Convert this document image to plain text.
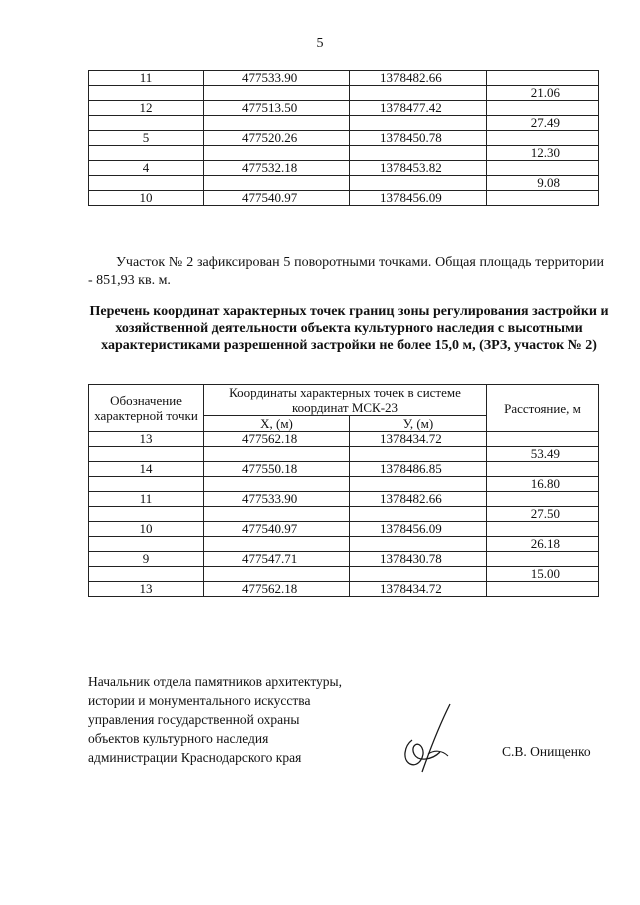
5
11	477533.90	1378482.66	
			21.06
12	477513.50	1378477.42	
			27.49
5	477520.26	1378450.78	
			12.30
4	477532.18	1378453.82	
			9.08
10	477540.97	1378456.09	
Участок № 2 зафиксирован 5 поворотными точками. Общая площадь территории - 851,93 кв. м.
Перечень координат характерных точек границ зоны регулирования застройки и хозяйственной деятельности объекта культурного наследия с высотными характеристиками разрешенной застройки не более 15,0 м, (ЗРЗ, участок № 2)
Обозначение характерной точки	Координаты характерных точек в системе координат МСК-23		Расстояние, м
	X, (м)	У, (м)	
13	477562.18	1378434.72	
			53.49
14	477550.18	1378486.85	
			16.80
11	477533.90	1378482.66	
			27.50
10	477540.97	1378456.09	
			26.18
9	477547.71	1378430.78	
			15.00
13	477562.18	1378434.72	
Начальник отдела памятников архитектуры,
истории и монументального искусства
управления государственной охраны
объектов культурного наследия
администрации Краснодарского края	С.В. Онищенко
